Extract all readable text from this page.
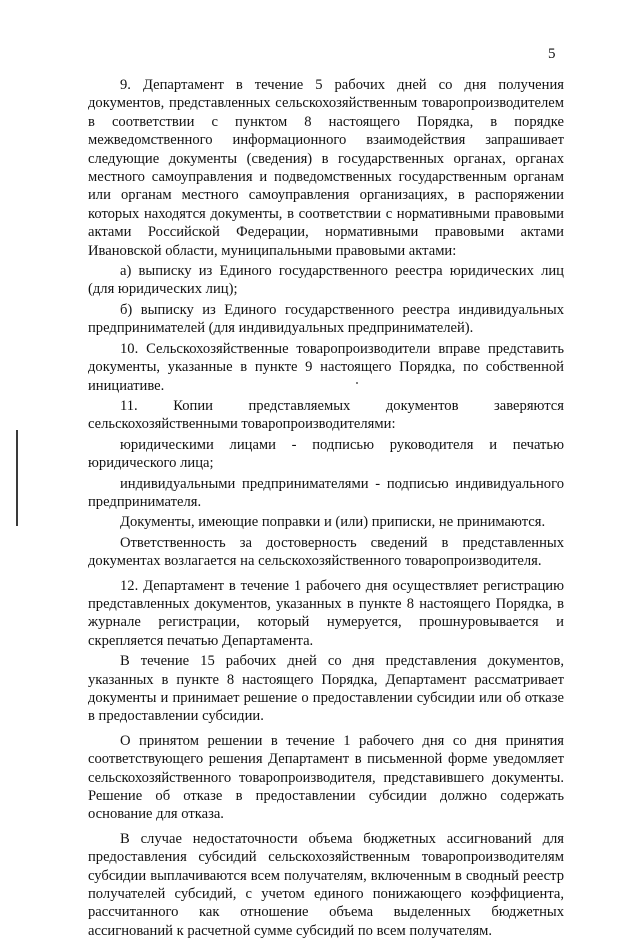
5

9. Департамент в течение 5 рабочих дней со дня получения документов, представленных сельскохозяйственным товаропроизводителем в соответствии с пунктом 8 настоящего Порядка, в порядке межведомственного информационного взаимодействия запрашивает следующие документы (сведения) в государственных органах, органах местного самоуправления и подведомственных государственным органам или органам местного самоуправления организациях, в распоряжении которых находятся документы, в соответствии с нормативными правовыми актами Российской Федерации, нормативными правовыми актами Ивановской области, муниципальными правовыми актами:

а) выписку из Единого государственного реестра юридических лиц (для юридических лиц);

б) выписку из Единого государственного реестра индивидуальных предпринимателей (для индивидуальных предпринимателей).

10. Сельскохозяйственные товаропроизводители вправе представить документы, указанные в пункте 9 настоящего Порядка, по собственной инициативе.

11. Копии представляемых документов заверяются сельскохозяйственными товаропроизводителями:

юридическими лицами - подписью руководителя и печатью юридического лица;

индивидуальными предпринимателями - подписью индивидуального предпринимателя.

Документы, имеющие поправки и (или) приписки, не принимаются.

Ответственность за достоверность сведений в представленных документах возлагается на сельскохозяйственного товаропроизводителя.

12. Департамент в течение 1 рабочего дня осуществляет регистрацию представленных документов, указанных в пункте 8 настоящего Порядка, в журнале регистрации, который нумеруется, прошнуровывается и скрепляется печатью Департамента.

В течение 15 рабочих дней со дня представления документов, указанных в пункте 8 настоящего Порядка, Департамент рассматривает документы и принимает решение о предоставлении субсидии или об отказе в предоставлении субсидии.

О принятом решении в течение 1 рабочего дня со дня принятия соответствующего решения Департамент в письменной форме уведомляет сельскохозяйственного товаропроизводителя, представившего документы. Решение об отказе в предоставлении субсидии должно содержать основание для отказа.

В случае недостаточности объема бюджетных ассигнований для предоставления субсидий сельскохозяйственным товаропроизводителям субсидии выплачиваются всем получателям, включенным в сводный реестр получателей субсидий, с учетом единого понижающего коэффициента, рассчитанного как отношение объема выделенных бюджетных ассигнований к расчетной сумме субсидий по всем получателям.
